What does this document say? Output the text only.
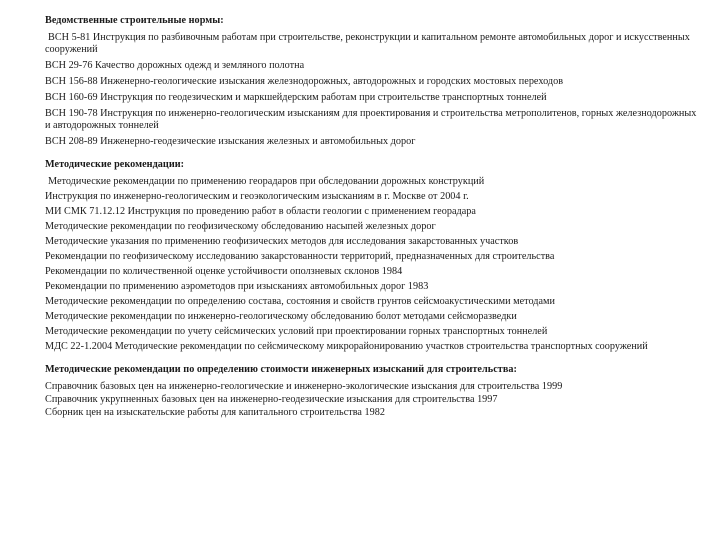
Ведомственные строительные нормы:

ВСН 5-81 Инструкция по разбивочным работам при строительстве, реконструкции и капитальном ремонте автомобильных дорог и искусственных сооружений

ВСН 29-76 Качество дорожных одежд и земляного полотна

ВСН 156-88 Инженерно-геологические изыскания железнодорожных, автодорожных и городских мостовых переходов

ВСН 160-69 Инструкция по геодезическим и маркшейдерским работам при строительстве транспортных тоннелей

ВСН 190-78 Инструкция по инженерно-геологическим изысканиям для проектирования и строительства метрополитенов, горных железнодорожных и автодорожных тоннелей

ВСН 208-89 Инженерно-геодезические изыскания железных и автомобильных дорог

Методические рекомендации:

Методические рекомендации по применению георадаров при обследовании дорожных конструкций

Инструкция по инженерно-геологическим и геоэкологическим изысканиям в г. Москве от 2004 г.

МИ СМК 71.12.12 Инструкция по проведению работ в области геологии с применением георадара

Методические рекомендации по геофизическому обследованию насыпей железных дорог

Методические указания по применению геофизических методов для исследования закарстованных участков

Рекомендации по геофизическому исследованию закарстованности территорий, предназначенных для строительства

Рекомендации по количественной оценке устойчивости оползневых склонов 1984

Рекомендации по применению аэрометодов при изысканиях автомобильных дорог 1983

Методические рекомендации по определению состава, состояния и свойств грунтов сейсмоакустическими методами

Методические рекомендации по инженерно-геологическому обследованию болот методами сейсморазведки

Методические рекомендации по учету сейсмических условий при проектировании горных транспортных тоннелей

МДС 22-1.2004 Методические рекомендации по сейсмическому микрорайонированию участков строительства транспортных сооружений

Методические рекомендации по определению стоимости инженерных изысканий для строительства:

Справочник базовых цен на инженерно-геологические и инженерно-экологические изыскания для строительства 1999

Справочник укрупненных базовых цен на инженерно-геодезические изыскания для строительства 1997

Сборник цен на изыскательские работы для капитального строительства 1982
